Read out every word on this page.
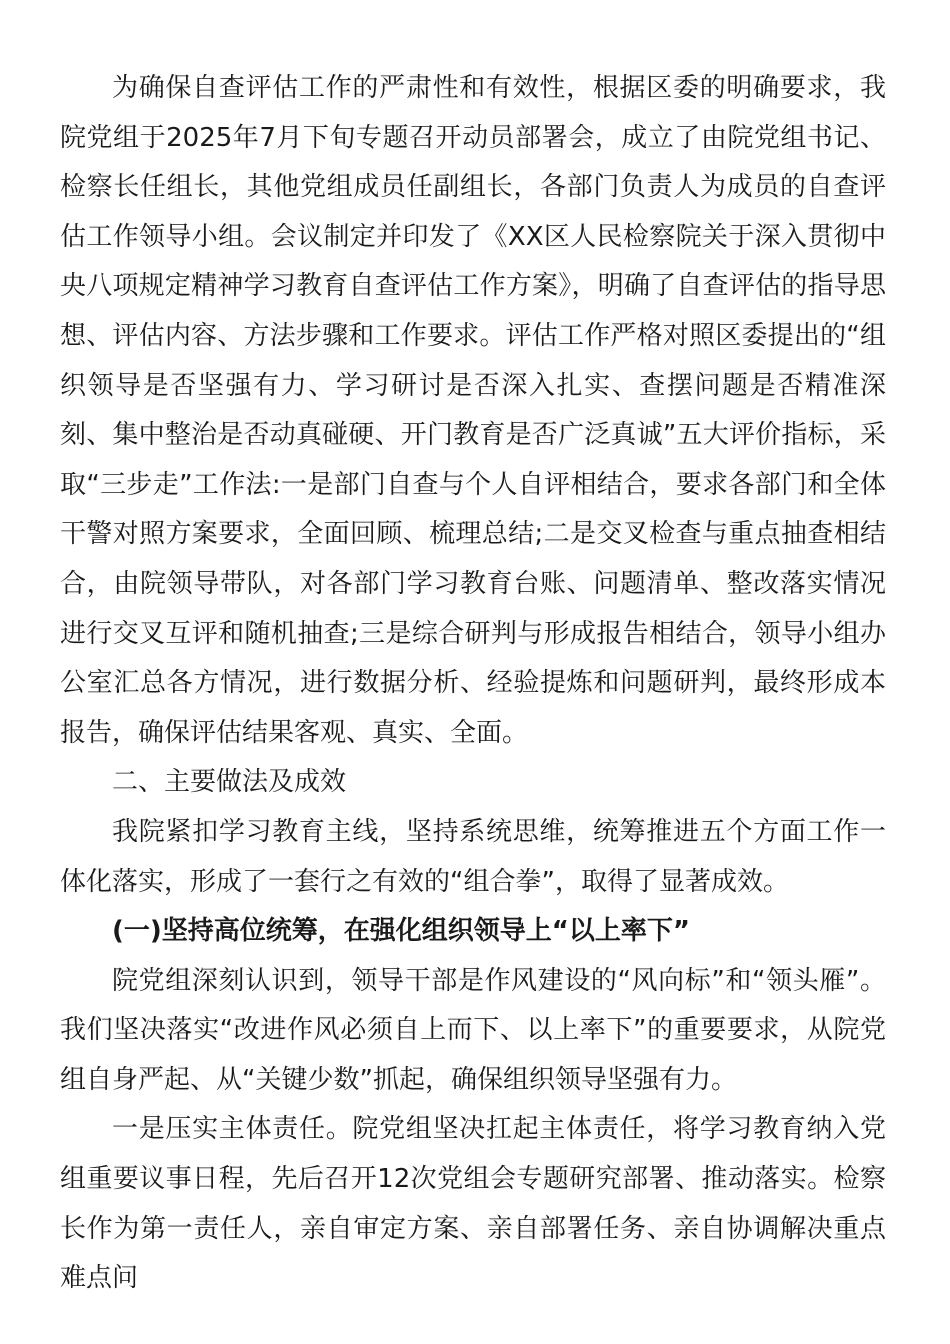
为确保自查评估工作的严肃性和有效性，根据区委的明确要求，我院党组于2025年7月下旬专题召开动员部署会，成立了由院党组书记、检察长任组长，其他党组成员任副组长，各部门负责人为成员的自查评估工作领导小组。会议制定并印发了《XX区人民检察院关于深入贯彻中央八项规定精神学习教育自查评估工作方案》，明确了自查评估的指导思想、评估内容、方法步骤和工作要求。评估工作严格对照区委提出的“组织领导是否坚强有力、学习研讨是否深入扎实、查摆问题是否精准深刻、集中整治是否动真碰硬、开门教育是否广泛真诚”五大评价指标，采取“三步走”工作法:一是部门自查与个人自评相结合，要求各部门和全体干警对照方案要求，全面回顾、梳理总结;二是交叉检查与重点抽查相结合，由院领导带队，对各部门学习教育台账、问题清单、整改落实情况进行交叉互评和随机抽查;三是综合研判与形成报告相结合，领导小组办公室汇总各方情况，进行数据分析、经验提炼和问题研判，最终形成本报告，确保评估结果客观、真实、全面。

二、主要做法及成效

我院紧扣学习教育主线，坚持系统思维，统筹推进五个方面工作一体化落实，形成了一套行之有效的“组合拳”，取得了显著成效。

(一)坚持高位统筹，在强化组织领导上“以上率下”

院党组深刻认识到，领导干部是作风建设的“风向标”和“领头雁”。我们坚决落实“改进作风必须自上而下、以上率下”的重要要求，从院党组自身严起、从“关键少数”抓起，确保组织领导坚强有力。

一是压实主体责任。院党组坚决扛起主体责任，将学习教育纳入党组重要议事日程，先后召开12次党组会专题研究部署、推动落实。检察长作为第一责任人，亲自审定方案、亲自部署任务、亲自协调解决重点难点问
